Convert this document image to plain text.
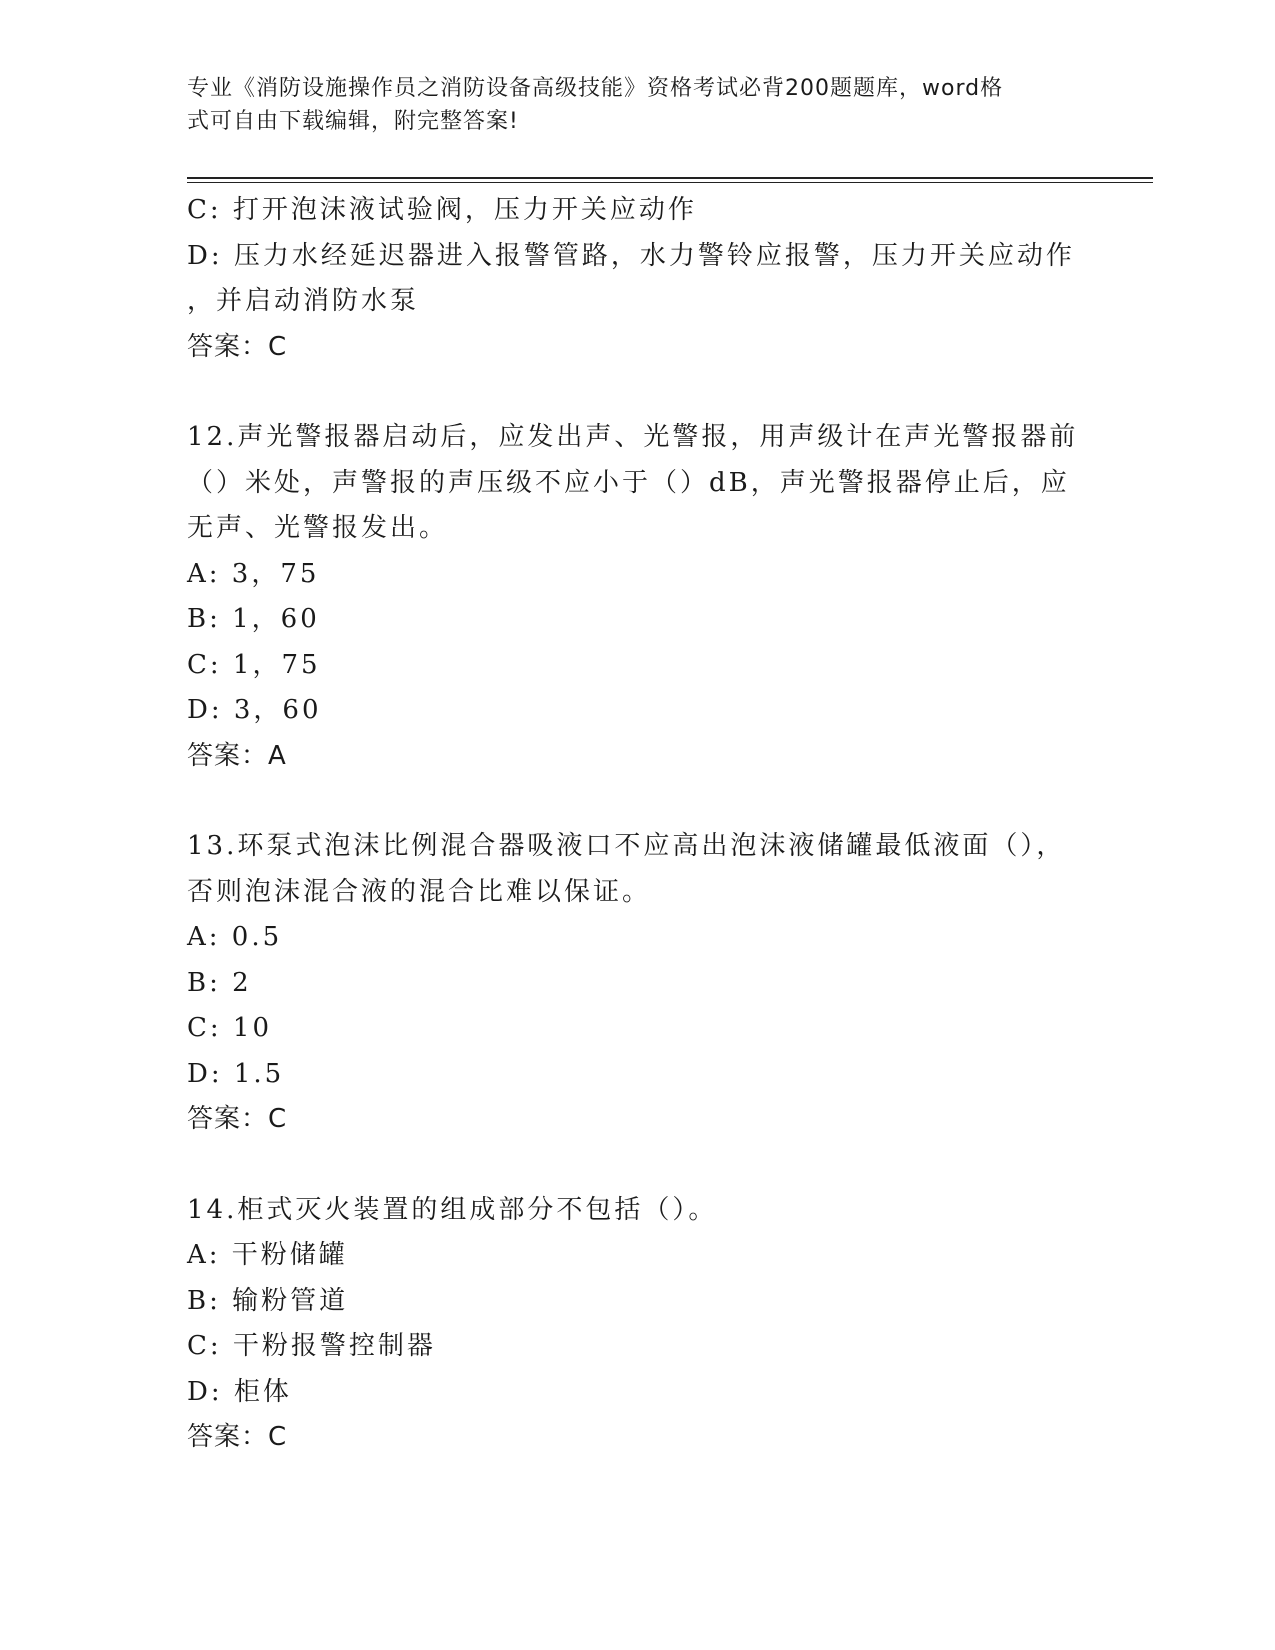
专业《消防设施操作员之消防设备高级技能》资格考试必背200题题库，word格
式可自由下载编辑，附完整答案!
C: 打开泡沫液试验阀，压力开关应动作
D: 压力水经延迟器进入报警管路，水力警铃应报警，压力开关应动作
，并启动消防水泵
答案：C
12.声光警报器启动后，应发出声、光警报，用声级计在声光警报器前
（）米处，声警报的声压级不应小于（）dB，声光警报器停止后，应
无声、光警报发出。
A: 3，75
B: 1，60
C: 1，75
D: 3，60
答案：A
13.环泵式泡沫比例混合器吸液口不应高出泡沫液储罐最低液面（），
否则泡沫混合液的混合比难以保证。
A: 0.5
B: 2
C: 10
D: 1.5
答案：C
14.柜式灭火装置的组成部分不包括（）。
A: 干粉储罐
B: 输粉管道
C: 干粉报警控制器
D: 柜体
答案：C
